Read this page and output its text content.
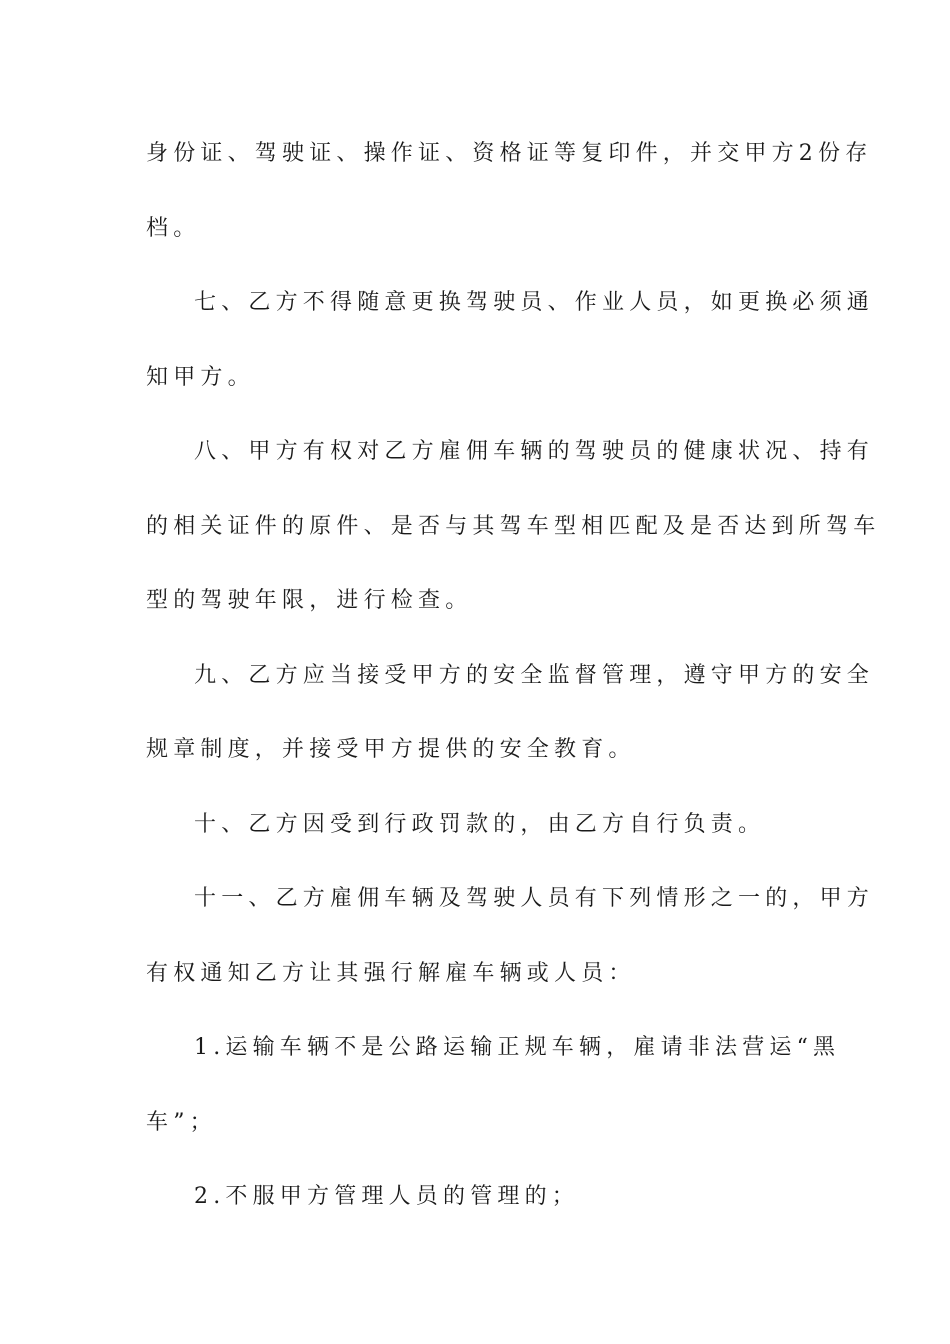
身份证、驾驶证、操作证、资格证等复印件，并交甲方2份存
档。
七、乙方不得随意更换驾驶员、作业人员，如更换必须通
知甲方。
八、甲方有权对乙方雇佣车辆的驾驶员的健康状况、持有
的相关证件的原件、是否与其驾车型相匹配及是否达到所驾车
型的驾驶年限，进行检查。
九、乙方应当接受甲方的安全监督管理，遵守甲方的安全
规章制度，并接受甲方提供的安全教育。
十、乙方因受到行政罚款的，由乙方自行负责。
十一、乙方雇佣车辆及驾驶人员有下列情形之一的，甲方
有权通知乙方让其强行解雇车辆或人员：
1.运输车辆不是公路运输正规车辆，雇请非法营运“黑
车”；
2.不服甲方管理人员的管理的；
